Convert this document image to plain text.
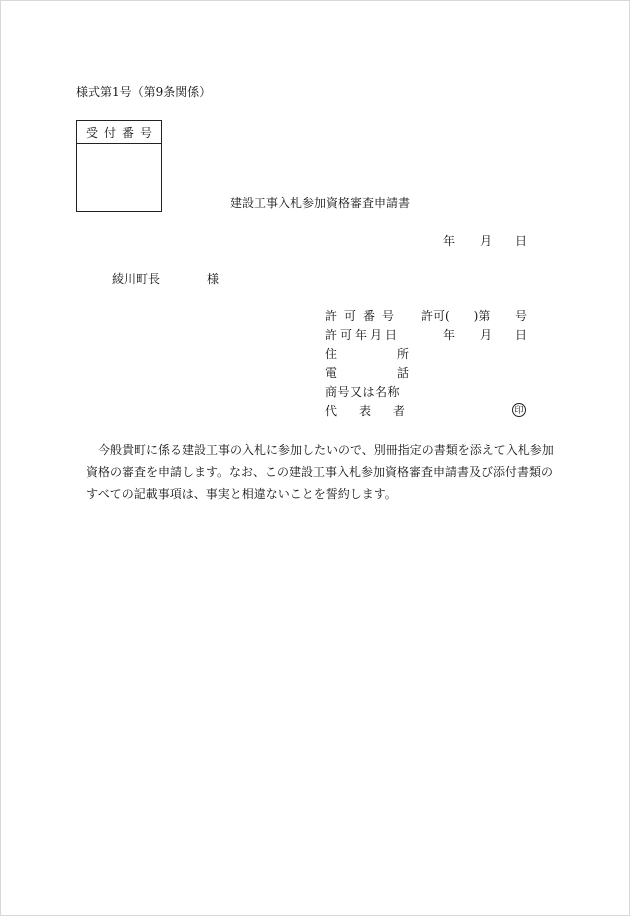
様式第1号（第9条関係）
受付番号
建設工事入札参加資格審査申請書
年 月 日
綾川町長	様
許可番号 許可(　　)第 号
許可年月日	年 月 日
住　　所
電　　話
商号又は名称
代　表　者	印

今般貴町に係る建設工事の入札に参加したいので、別冊指定の書類を添えて入札参加

資格の審査を申請します。なお、この建設工事入札参加資格審査申請書及び添付書類の

すべての記載事項は、事実と相違ないことを誓約します。
